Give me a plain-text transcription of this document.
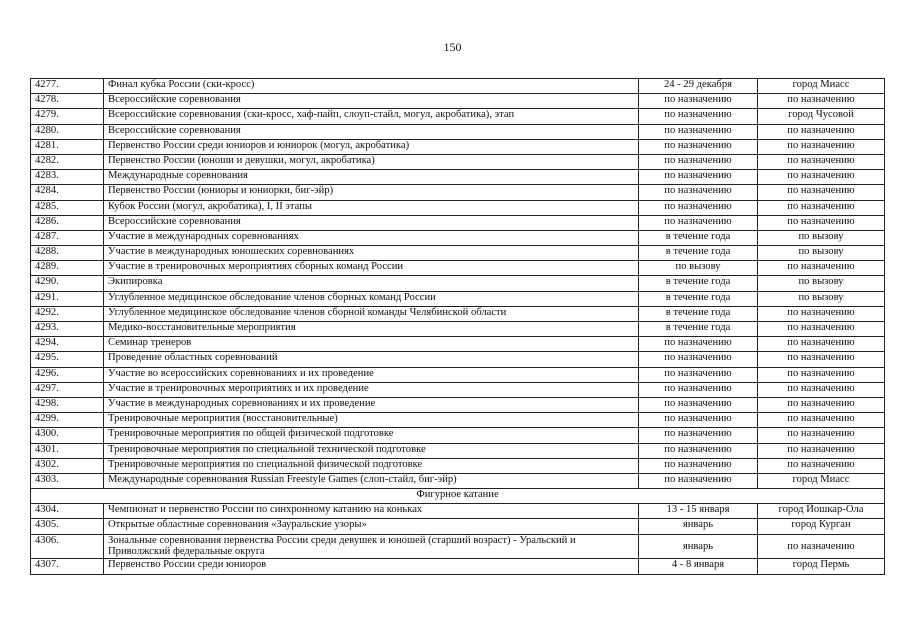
150
4277.	Финал кубка России (ски-кросс)	24 - 29 декабря	город Миасс
4278.	Всероссийские соревнования	по назначению	по назначению
4279.	Всероссийские соревнования (ски-кросс, хаф-пайп, слоуп-стайл, могул, акробатика), этап	по назначению	город Чусовой
4280.	Всероссийские соревнования	по назначению	по назначению
4281.	Первенство России среди юниоров и юниорок (могул, акробатика)	по назначению	по назначению
4282.	Первенство России (юноши и девушки, могул, акробатика)	по назначению	по назначению
4283.	Международные соревнования	по назначению	по назначению
4284.	Первенство России (юниоры и юниорки, биг-эйр)	по назначению	по назначению
4285.	Кубок России (могул, акробатика), I, II этапы	по назначению	по назначению
4286.	Всероссийские соревнования	по назначению	по назначению
4287.	Участие в международных соревнованиях	в течение года	по вызову
4288.	Участие в международных юношеских соревнованиях	в течение года	по вызову
4289.	Участие в тренировочных мероприятиях сборных команд России	по вызову	по назначению
4290.	Экипировка	в течение года	по вызову
4291.	Углубленное медицинское обследование членов сборных команд России	в течение года	по вызову
4292.	Углубленное медицинское обследование членов сборной команды Челябинской области	в течение года	по назначению
4293.	Медико-восстановительные мероприятия	в течение года	по назначению
4294.	Семинар тренеров	по назначению	по назначению
4295.	Проведение областных соревнований	по назначению	по назначению
4296.	Участие во всероссийских соревнованиях и их проведение	по назначению	по назначению
4297.	Участие в тренировочных мероприятиях и их проведение	по назначению	по назначению
4298.	Участие в международных соревнованиях и их проведение	по назначению	по назначению
4299.	Тренировочные мероприятия (восстановительные)	по назначению	по назначению
4300.	Тренировочные мероприятия по общей физической подготовке	по назначению	по назначению
4301.	Тренировочные мероприятия по специальной технической подготовке	по назначению	по назначению
4302.	Тренировочные мероприятия по специальной физической подготовке	по назначению	по назначению
4303.	Международные соревнования Russian Freestyle Games (слоп-стайл, биг-эйр)	по назначению	город Миасс
Фигурное катание			
4304.	Чемпионат и первенство России по синхронному катанию на коньках	13 - 15 января	город Йошкар-Ола
4305.	Открытые областные соревнования «Зауральские узоры»	январь	город Курган
4306.	Зональные соревнования первенства России среди девушек и юношей (старший возраст) - Уральский и Приволжский федеральные округа	январь	по назначению
4307.	Первенство России среди юниоров	4 - 8 января	город Пермь
